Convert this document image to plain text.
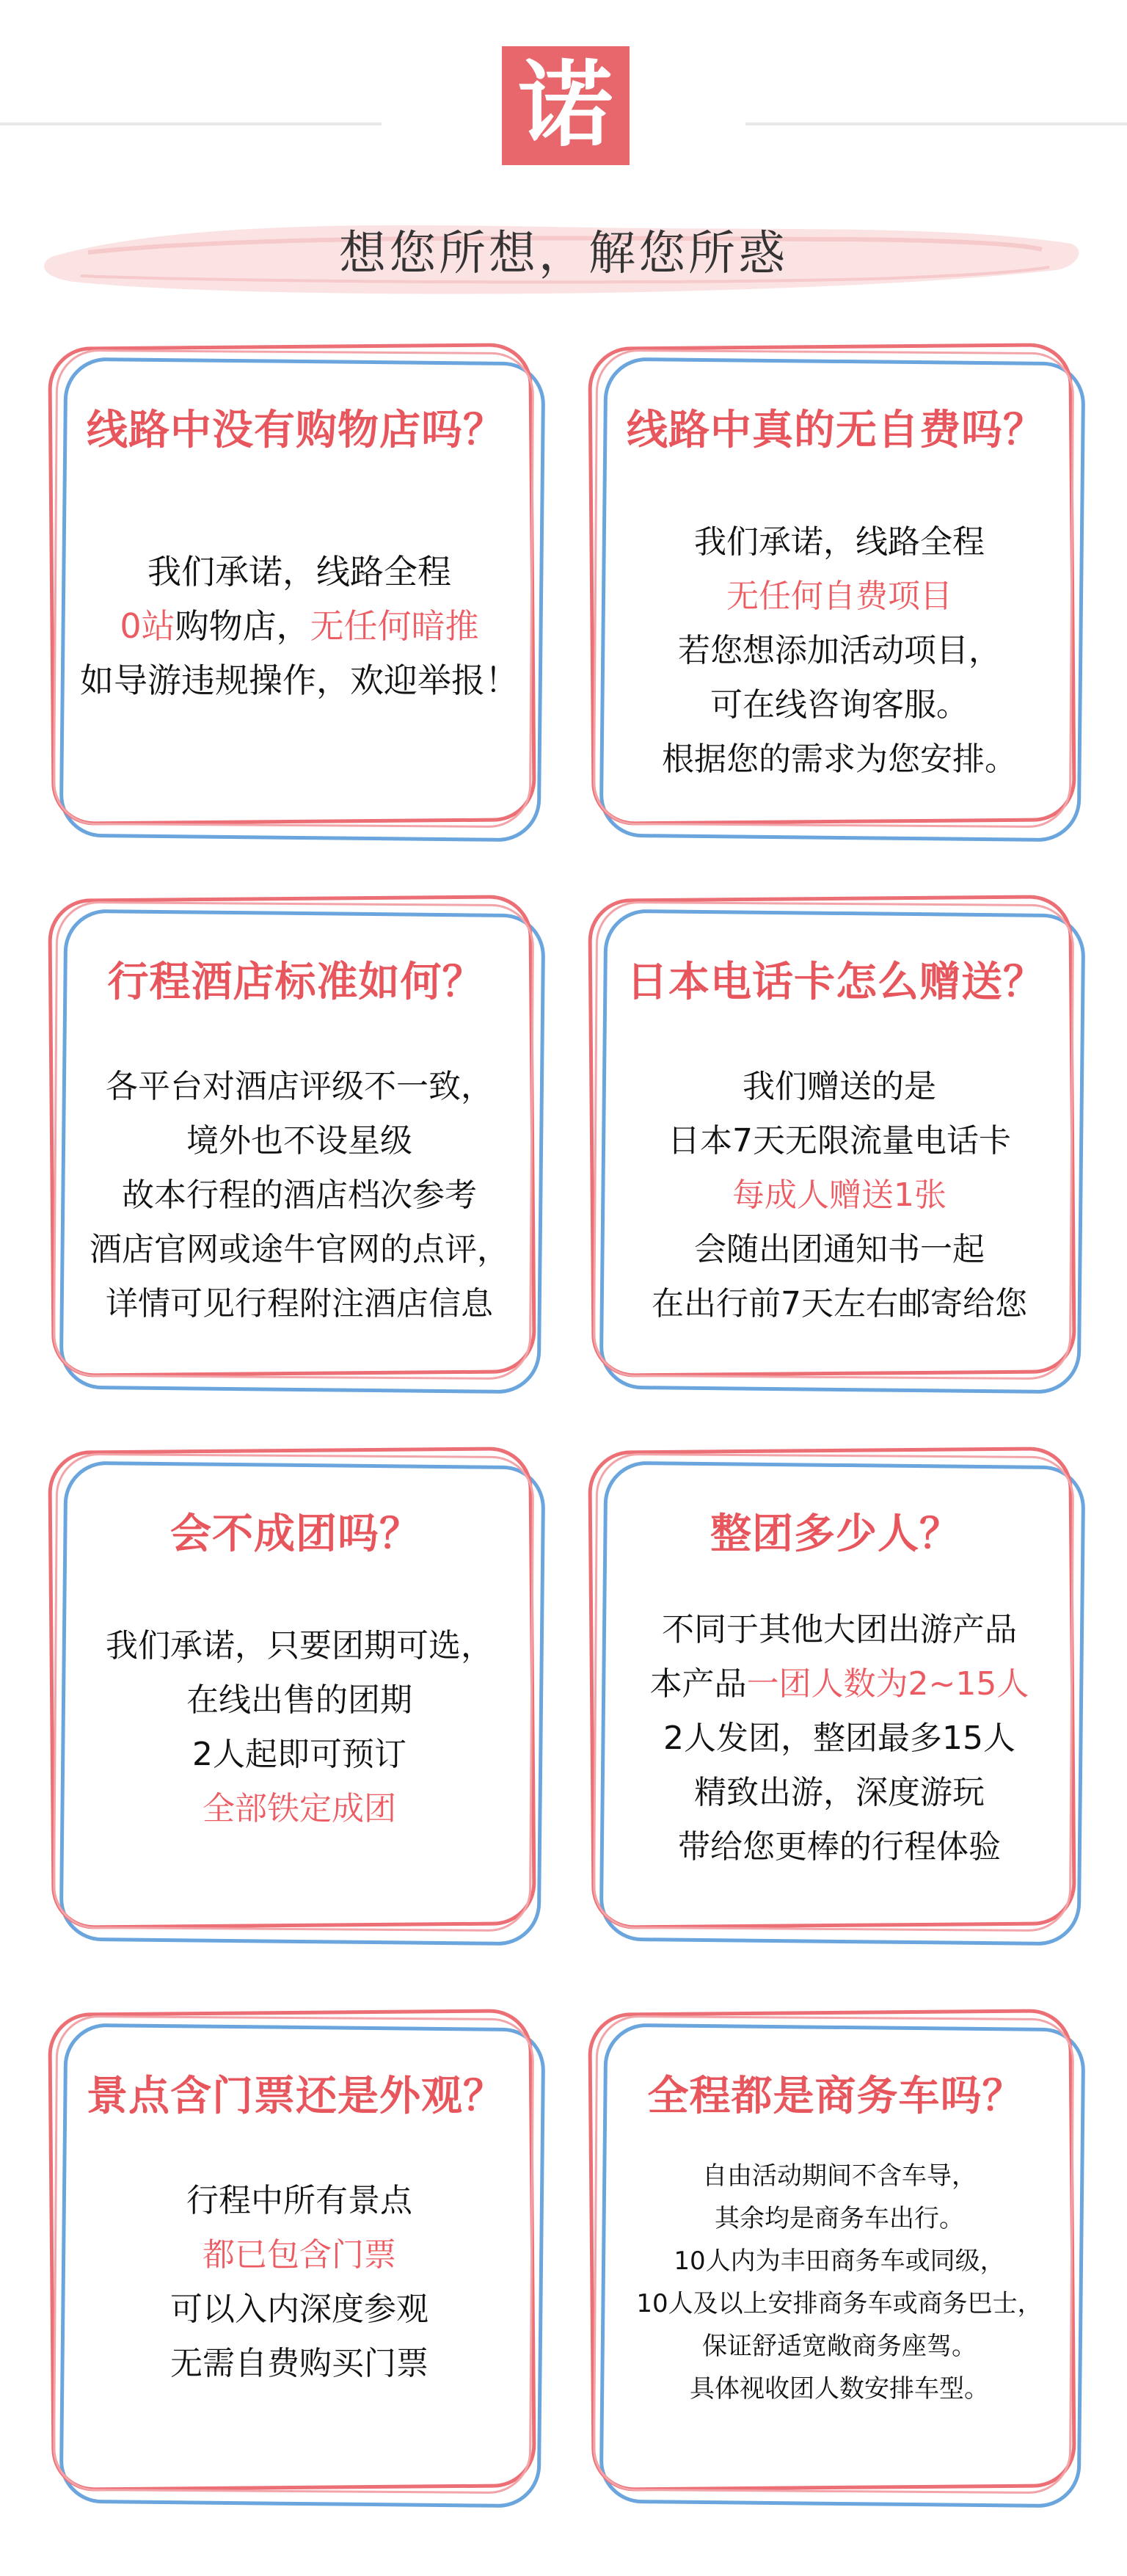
诺
想您所想，解您所惑
线路中没有购物店吗？
我们承诺，线路全程
0站购物店，无任何暗推
如导游违规操作，欢迎举报！
线路中真的无自费吗？
我们承诺，线路全程
无任何自费项目
若您想添加活动项目，
可在线咨询客服。
根据您的需求为您安排。
行程酒店标准如何？
各平台对酒店评级不一致，
境外也不设星级
故本行程的酒店档次参考
酒店官网或途牛官网的点评，
详情可见行程附注酒店信息
日本电话卡怎么赠送？
我们赠送的是
日本7天无限流量电话卡
每成人赠送1张
会随出团通知书一起
在出行前7天左右邮寄给您
会不成团吗？
我们承诺，只要团期可选，
在线出售的团期
2人起即可预订
全部铁定成团
整团多少人？
不同于其他大团出游产品
本产品一团人数为2~15人
2人发团，整团最多15人
精致出游，深度游玩
带给您更棒的行程体验
景点含门票还是外观？
行程中所有景点
都已包含门票
可以入内深度参观
无需自费购买门票
全程都是商务车吗？
自由活动期间不含车导，
其余均是商务车出行。
10人内为丰田商务车或同级，
10人及以上安排商务车或商务巴士，
保证舒适宽敞商务座驾。
具体视收团人数安排车型。
